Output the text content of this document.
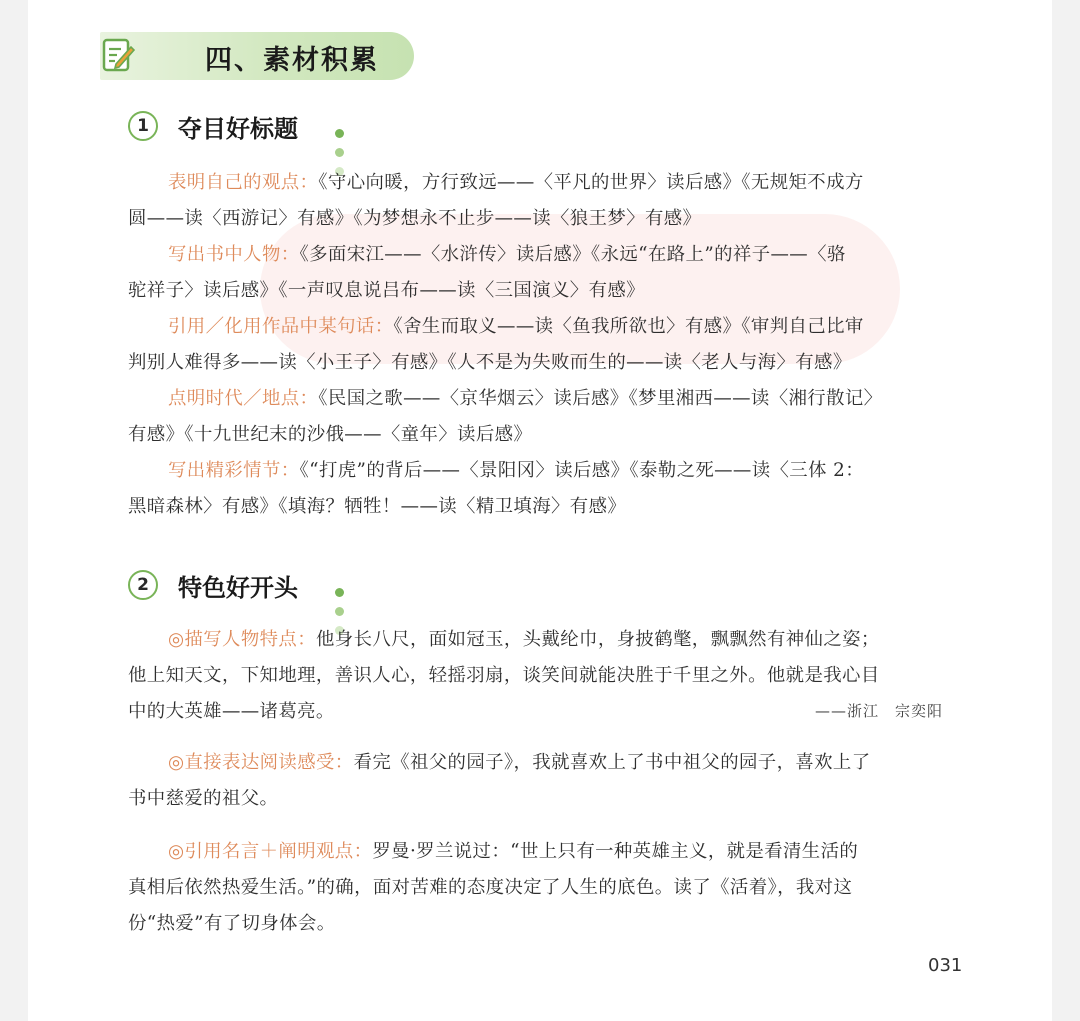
四、素材积累
1	夺目好标题
表明自己的观点：《守心向暖，方行致远——〈平凡的世界〉读后感》《无规矩不成方
圆——读〈西游记〉有感》《为梦想永不止步——读〈狼王梦〉有感》
写出书中人物：《多面宋江——〈水浒传〉读后感》《永远“在路上”的祥子——〈骆
驼祥子〉读后感》《一声叹息说吕布——读〈三国演义〉有感》
引用／化用作品中某句话：《舍生而取义——读〈鱼我所欲也〉有感》《审判自己比审
判别人难得多——读〈小王子〉有感》《人不是为失败而生的——读〈老人与海〉有感》
点明时代／地点：《民国之歌——〈京华烟云〉读后感》《梦里湘西——读〈湘行散记〉
有感》《十九世纪末的沙俄——〈童年〉读后感》
写出精彩情节：《“打虎”的背后——〈景阳冈〉读后感》《泰勒之死——读〈三体 2：
黑暗森林〉有感》《填海？牺牲！——读〈精卫填海〉有感》
2	特色好开头
◎描写人物特点：他身长八尺，面如冠玉，头戴纶巾，身披鹤氅，飘飘然有神仙之姿；
他上知天文，下知地理，善识人心，轻摇羽扇，谈笑间就能决胜于千里之外。他就是我心目
中的大英雄——诸葛亮。	——浙江　宗奕阳
◎直接表达阅读感受：看完《祖父的园子》，我就喜欢上了书中祖父的园子，喜欢上了
书中慈爱的祖父。
◎引用名言＋阐明观点：罗曼·罗兰说过：“世上只有一种英雄主义，就是看清生活的
真相后依然热爱生活。”的确，面对苦难的态度决定了人生的底色。读了《活着》，我对这
份“热爱”有了切身体会。
031
